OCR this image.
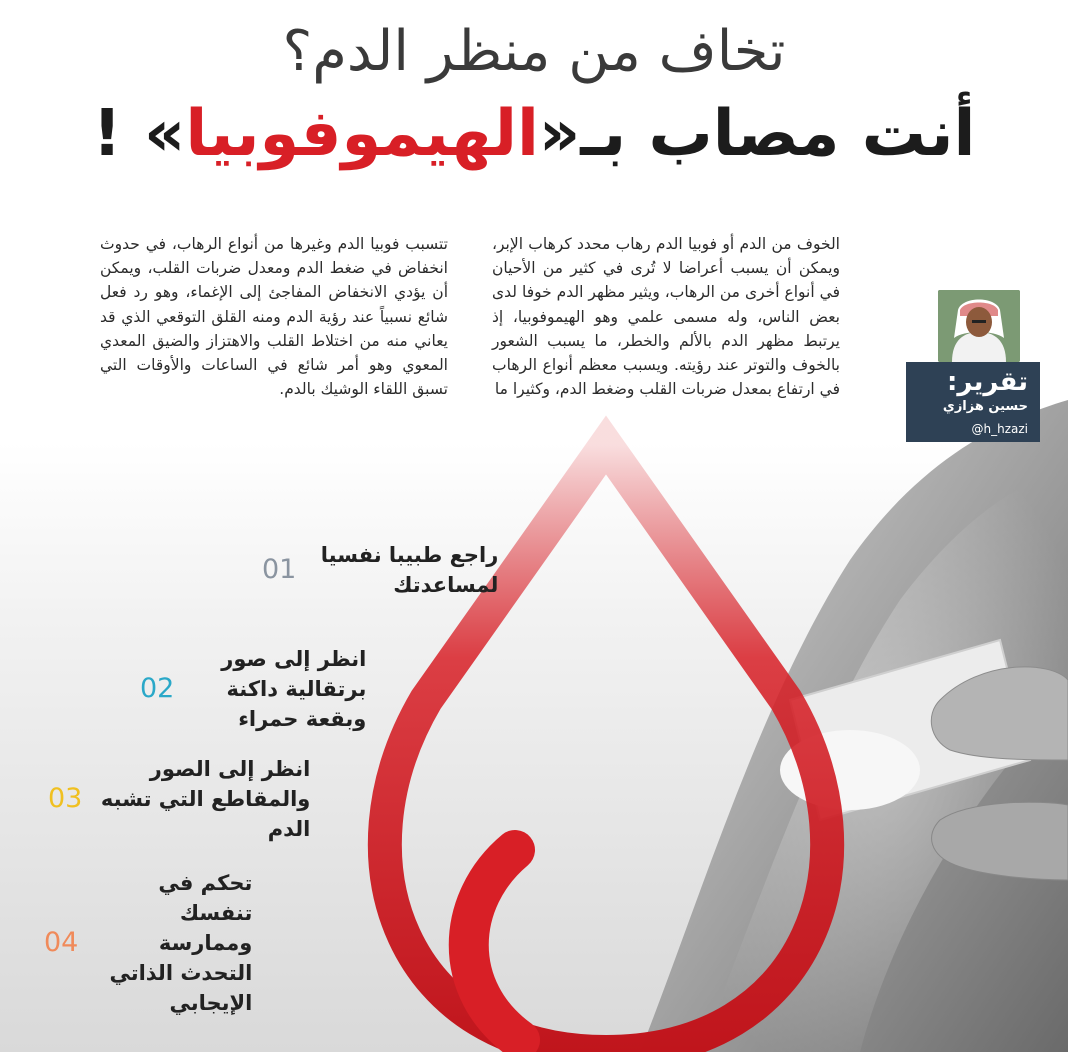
تخاف من منظر الدم؟
أنت مصاب بـ«الهيموفوبيا» !

الخوف من الدم أو فوبيا الدم رهاب محدد كرهاب الإبر، ويمكن أن يسبب أعراضا لا تُرى في كثير من الأحيان في أنواع أخرى من الرهاب، ويثير مظهر الدم خوفا لدى بعض الناس، وله مسمى علمي وهو الهيموفوبيا، إذ يرتبط مظهر الدم بالألم والخطر، ما يسبب الشعور بالخوف والتوتر عند رؤيته. ويسبب معظم أنواع الرهاب في ارتفاع بمعدل ضربات القلب وضغط الدم، وكثيرا ما

تتسبب فوبيا الدم وغيرها من أنواع الرهاب، في حدوث انخفاض في ضغط الدم ومعدل ضربات القلب، ويمكن أن يؤدي الانخفاض المفاجئ إلى الإغماء، وهو رد فعل شائع نسبياً عند رؤية الدم ومنه القلق التوقعي الذي قد يعاني منه من اختلاط القلب والاهتزاز والضيق المعدي المعوي وهو أمر شائع في الساعات والأوقات التي تسبق اللقاء الوشيك بالدم.	تقرير:
حسين هزازي
@h_hzazi

راجع طبيبا نفسيا لمساعدتك

01

انظر إلى صور برتقالية داكنة وبقعة حمراء

02

انظر إلى الصور والمقاطع التي تشبه الدم

03

تحكم في تنفسك وممارسة التحدث الذاتي الإيجابي

04
